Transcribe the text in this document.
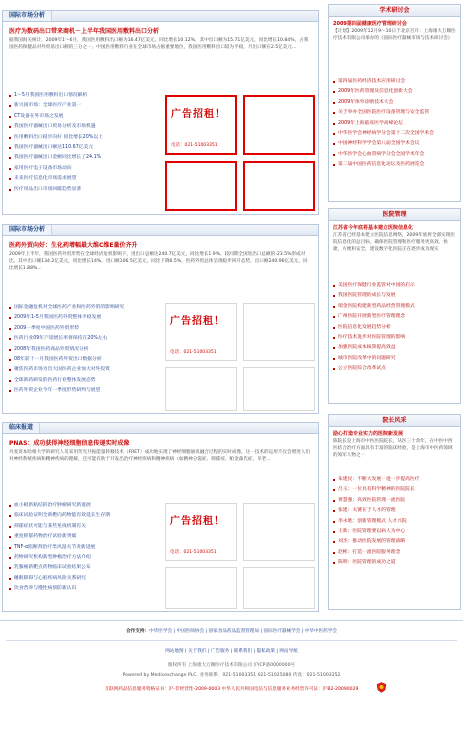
国际市场分析
医疗为数码出口带来商机－上半年我国医用敷料出口分析
据我国海关统计，2009年1～6月，我国医用敷料出口额为16.47亿美元，同比增长10.12%，其中出口额为15.71亿美元，同比增长10.84%，占我国医药保健品对外贸易出口额的三分之一。中国医用敷料行业在全球市场占据重要地位，我国医用敷料出口较为平稳，月出口额在2.5亿美元...
1～5月我国医用敷料出口情况解析
新兴国市场：全球医疗产业第一
CT设备在外市场之发展
我国医疗器械出口贸易分析及市场机遇
医用敷料出口稳步向好 同比增长20%以上
我国医疗器械出口额达110.67亿美元
我国医疗器械出口金额同比增长了24.1%
家用医疗电子设备市场动向
未来医疗信息化市场需求展望
医疗用品出口市场回暖趋势显著
广告招租！
电话：021-51003351
国际市场分析
医药外贸向好：生化药增幅最大维C维E量价齐升
2009年上半年，我国医药外贸形势在全球经济危机影响下，进出口总额达240.7亿美元，同比增长1.9%，较同期全国进出口总额的-23.5%形成对比。其中出口额134.2亿美元，同比增长14%，进口额106.5亿美元，同比下降6.5%，医药外贸总体呈现稳步回升态势，出口额240.96亿美元，同比增长1.88%...
国际金融危机对全球医药产业和医药外贸的影响研究
2009年1-5月我国医药外贸整体平稳发展
2009一季度中国医药外贸形势
医药行业09年产销增长率将保持在20%左右
2008年我国医药商品外贸情况分析
08年前十一月我国医药外贸出口数据分析
聚焦医药市场为旨大国医药企业加大对外投资
全球新药研发的医药行业整体发展态势
医药外贸企业今年一季度形势研判与展望
广告招租！
电话：021-51003351
临床报道
PNAS：成功获得神经细胞信息传递实时成像
丹麦哥本哈根大学的研究人员采用荧光共振能量转移技术（FRET）成功地实现了神经细胞通讯融合过程的实时成像。这一技术的运用不仅会增进人们对神经系统疾病和精神疾病的理解，还可能有助于开发出治疗神经疾病和精神疾病（如精神分裂症、抑郁症、帕金森氏症、早老...
血小板新粘结的治疗肿瘤研究新进展
临床试验证明全新靶向药物能有效延长生存期
抑郁症状可能与某些免疫机制有关
重度抑郁药物治疗试验新突破
TNF-α阻断剂治疗类风湿关节炎新进展
药物研究机构新型肿瘤治疗方法介绍
乳腺癌新靶点药物临床试验结果公布
睡眠障碍与心脏疾病风险关系研究
饮食营养与慢性病预防新认识
广告招租！
电话：021-51003351
学术研讨会
2009第四届健康医疗管理研讨会
【计划】2009年12月9～10日于北京召开：上海康大万顺医疗技术有限公司承办的《国际医疗器械市场与技术研讨会》
第四届医药经济技术应用研讨会
2009年医药管理及信息化创新大会
2009年体外诊断技术大会
关于举办全国医院医疗设备管理与安全监管
2009年上海临床医学高峰论坛
中华医学会神经病学分会第十二次全国学术会
中国神经科学学会第八届全国学术会议
中华医学会心血管病学分会全国学术年会
第二届中国医药信息化论坛及医药展览会
医院管理
江苏省今年底将基本建立医院信息化
江苏省已经基本建立医院信息网络，2009年底将全部实现医院信息化的总目标，确保医院管理和医疗服务更高效、快捷、方便和安全，建设数字化医院正在逐步成为现实
美国医疗保健行业监管对中国的启示
我国医院管理的成长与发展
瑞金医院构建新型药品经营管理模式
广州医院开展新型医疗管理理念
医院信息化发展趋势分析
医疗技术进步对医院管理的影响
加强医院成本核算提高效益
城市医院改革中的问题研究
公立医院综合改革试点
院长风采
励心打造专业实力的医院新发展
陈院长是上海市中医医院院长，从医三十余年，在中医中西医结合治疗方面具有丰富的临床经验，是上海市中医药领域的领军人物之一
朱建民：不断大发展一进一步提高医疗
吕玉：一位具有科学精神的医院院长
黄慧强：高效医院管理一流医院
张建：关键在于人才的管理
李永胜：创新管理模式 人才兴院
王新：医院管理要以病人为中心
刘杰：推动医院发展的管理战略
赵彬：打造一流医院服务理念
陈明：医院管理的成功之道
合作支持：中华医学会 | 中国医师协会 | 国家食品药品监督管理局 | 国际医疗器械学会 | 中华中医药学会
网站地图 | 关于我们 | 广告服务 | 联系我们 | 隐私政策 | 网站导航
版权所有 上海康大万顺医疗技术有限公司 沪ICP备0000000号
Powered by Medicexchange PLC. 业务联系：021-51003351 021-51025080 传真：021-51003352
互联网药品信息服务资格证书：沪-非经营性-2009-0003 中华人民共和国电信与信息服务业务经营许可证：沪B2-20090029
